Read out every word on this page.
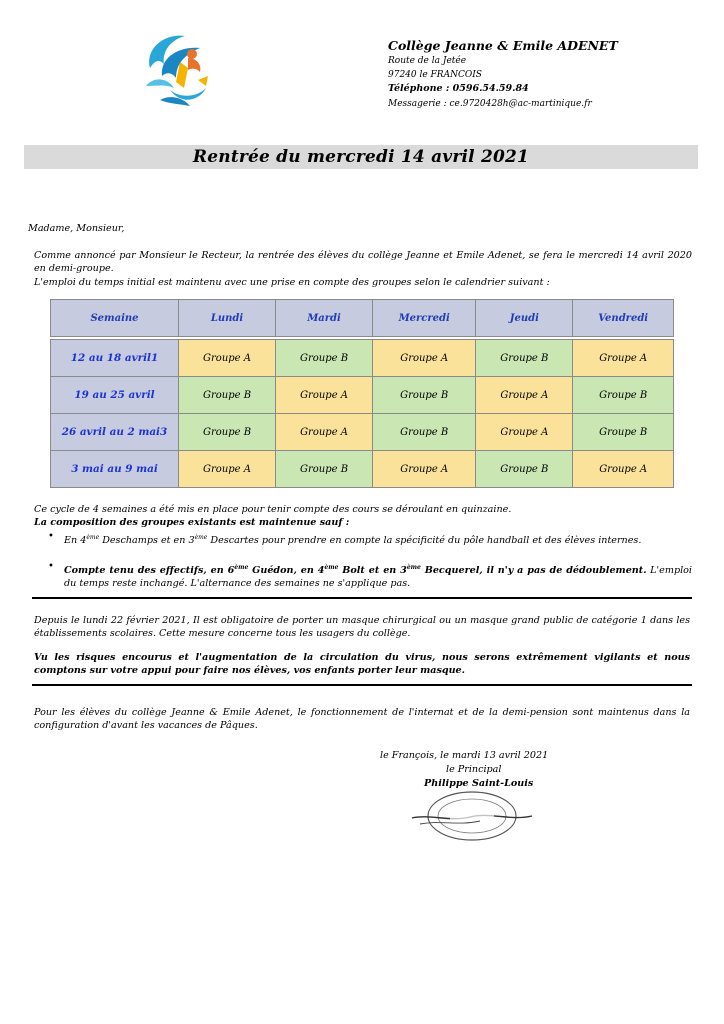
Collège Jeanne & Emile ADENET
Route de la Jetée
97240 le FRANCOIS
Téléphone : 0596.54.59.84
Messagerie : ce.9720428h@ac-martinique.fr
Rentrée du mercredi 14 avril 2021
Madame, Monsieur,
Comme annoncé par Monsieur le Recteur, la rentrée des élèves du collège Jeanne et Emile Adenet, se fera le mercredi 14 avril 2020 en demi-groupe.
L'emploi du temps initial est maintenu avec une prise en compte des groupes selon le calendrier suivant :
Semaine	Lundi	Mardi	Mercredi	Jeudi	Vendredi

12 au 18 avril1	Groupe A	Groupe B	Groupe A	Groupe B	Groupe A
19 au 25 avril	Groupe B	Groupe A	Groupe B	Groupe A	Groupe B
26 avril au 2 mai3	Groupe B	Groupe A	Groupe B	Groupe A	Groupe B
3 mai au 9 mai	Groupe A	Groupe B	Groupe A	Groupe B	Groupe A
Ce cycle de 4 semaines a été mis en place pour tenir compte des cours se déroulant en quinzaine.
La composition des groupes existants est maintenue sauf :
• En 4ème Deschamps et en 3ème Descartes pour prendre en compte la spécificité du pôle handball et des élèves internes.
• Compte tenu des effectifs, en 6ème Guédon, en 4ème Bolt et en 3ème Becquerel, il n'y a pas de dédoublement. L'emploi du temps reste inchangé. L'alternance des semaines ne s'applique pas.
Depuis le lundi 22 février 2021, Il est obligatoire de porter un masque chirurgical ou un masque grand public de catégorie 1 dans les établissements scolaires. Cette mesure concerne tous les usagers du collège.
Vu les risques encourus et l'augmentation de la circulation du virus, nous serons extrêmement vigilants et nous comptons sur votre appui pour faire nos élèves, vos enfants porter leur masque.
Pour les élèves du collège Jeanne & Emile Adenet, le fonctionnement de l'internat et de la demi-pension sont maintenus dans la configuration d'avant les vacances de Pâques.
le François, le mardi 13 avril 2021
le Principal
Philippe Saint-Louis
